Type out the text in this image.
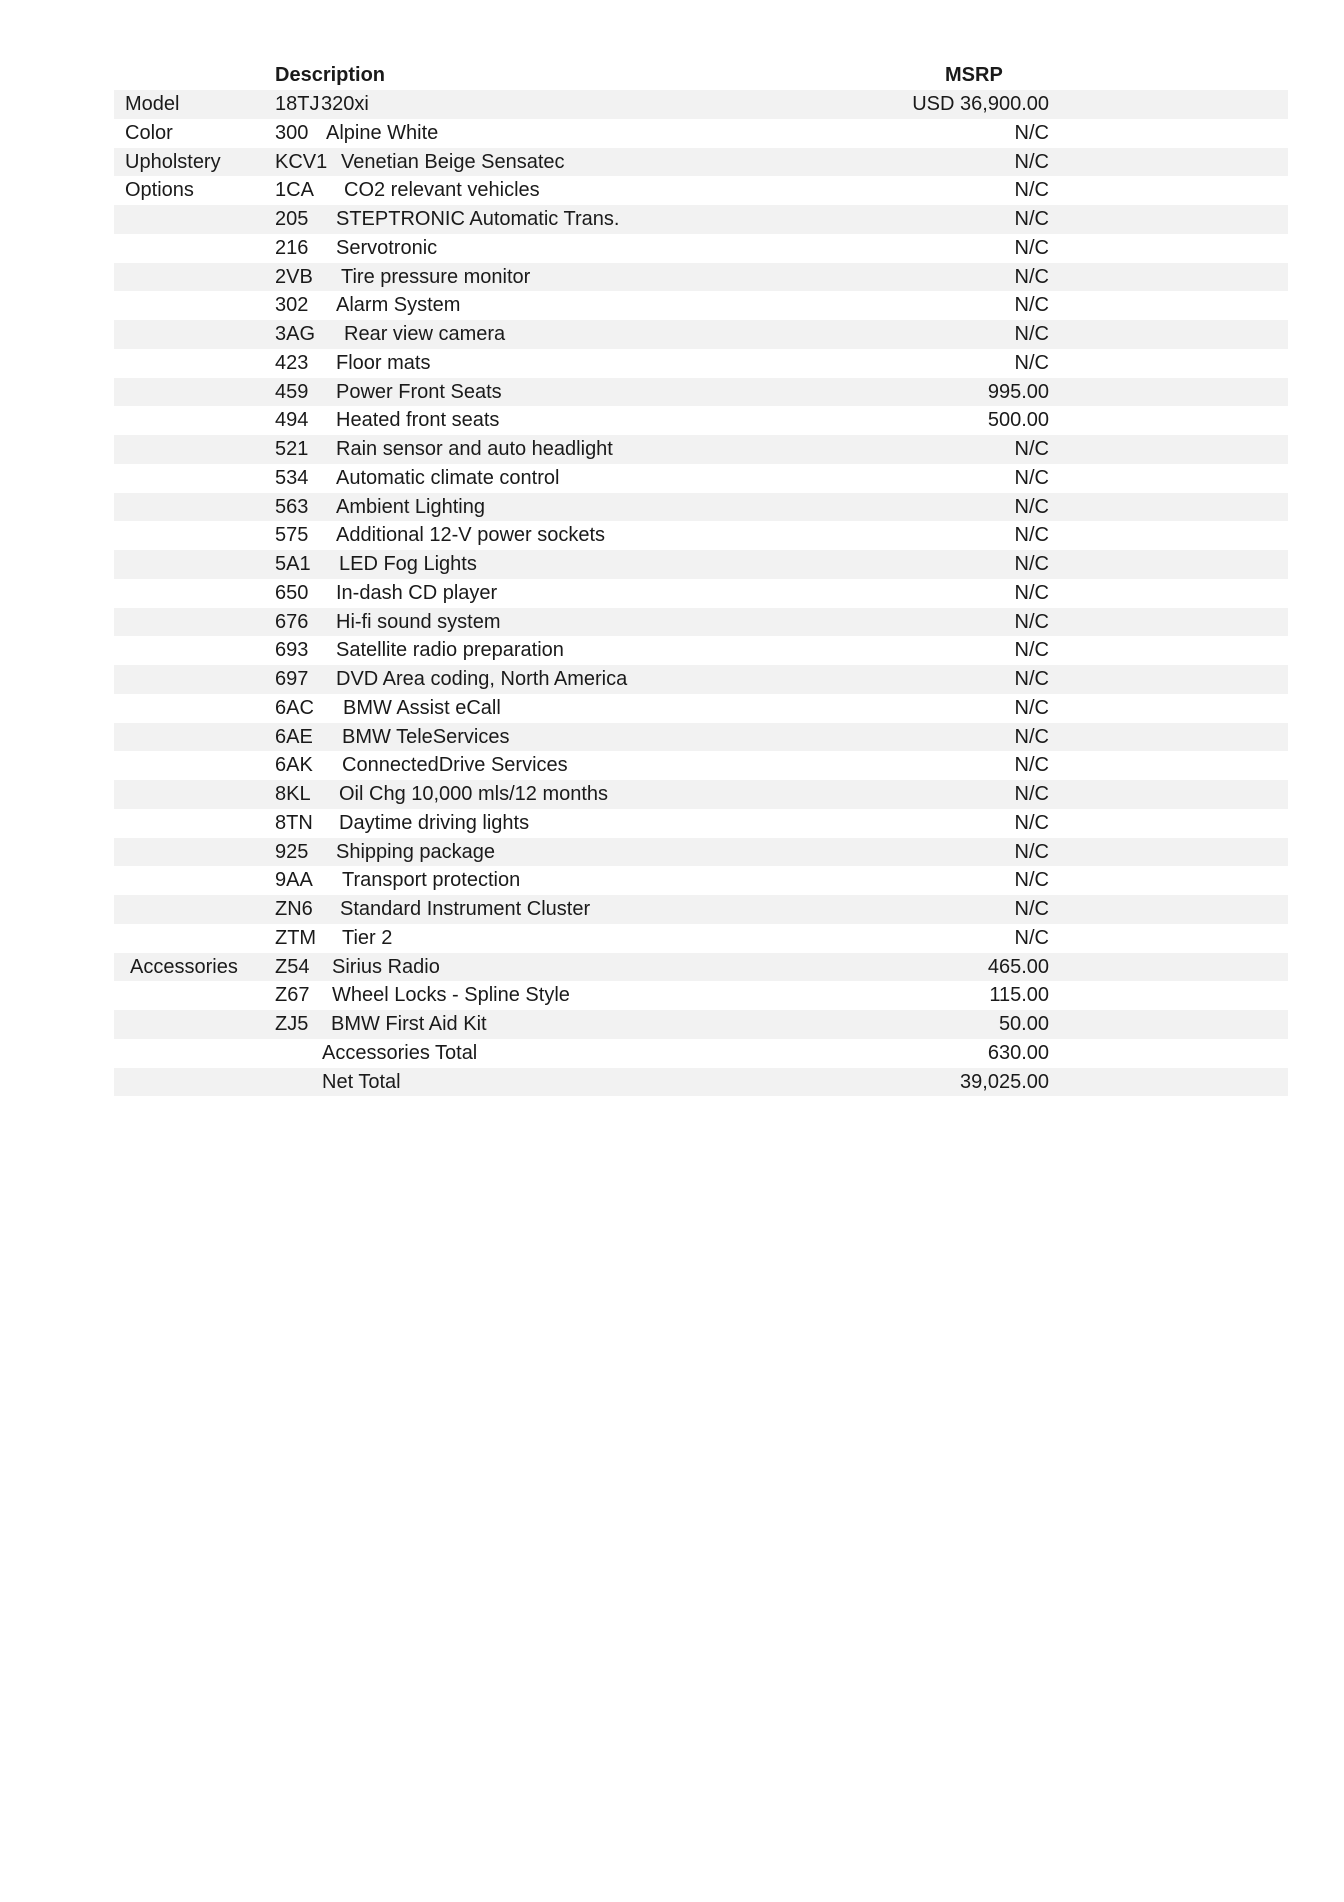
Description	MSRP
Model	18TJ 320xi	USD 36,900.00
Color	300 Alpine White	N/C
Upholstery	KCV1 Venetian Beige Sensatec	N/C
Options	1CA CO2 relevant vehicles	N/C
205 STEPTRONIC Automatic Trans.	N/C
216 Servotronic	N/C
2VB Tire pressure monitor	N/C
302 Alarm System	N/C
3AG Rear view camera	N/C
423 Floor mats	N/C
459 Power Front Seats	995.00
494 Heated front seats	500.00
521 Rain sensor and auto headlight	N/C
534 Automatic climate control	N/C
563 Ambient Lighting	N/C
575 Additional 12-V power sockets	N/C
5A1 LED Fog Lights	N/C
650 In-dash CD player	N/C
676 Hi-fi sound system	N/C
693 Satellite radio preparation	N/C
697 DVD Area coding, North America	N/C
6AC BMW Assist eCall	N/C
6AE BMW TeleServices	N/C
6AK ConnectedDrive Services	N/C
8KL Oil Chg 10,000 mls/12 months	N/C
8TN Daytime driving lights	N/C
925 Shipping package	N/C
9AA Transport protection	N/C
ZN6 Standard Instrument Cluster	N/C
ZTM Tier 2	N/C
Accessories Z54 Sirius Radio	465.00
Z67 Wheel Locks - Spline Style	115.00
ZJ5 BMW First Aid Kit	50.00
Accessories Total	630.00
Net Total	39,025.00
